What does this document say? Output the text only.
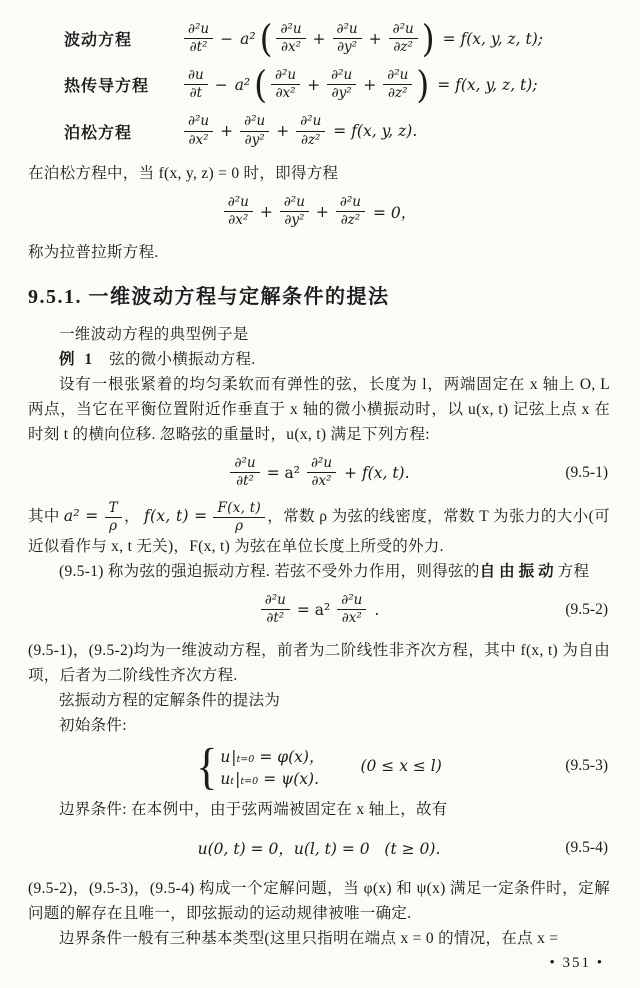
波动方程	$\frac{\text{∂²u}}{\text{∂t²}} - a^2$ ( $\frac{\text{∂²u}}{\text{∂x²}} + \frac{\text{∂²u}}{\text{∂y²}} + \frac{\text{∂²u}}{\text{∂z²}}$ ) = f(x, y, z, t);
热传导方程	$\frac{\partial u}{\partial t} - a^2$ ( $\frac{\text{∂²u}}{\text{∂x²}} + \frac{\text{∂²u}}{\text{∂y²}} + \frac{\text{∂²u}}{\text{∂z²}}$ ) = f(x, y, z, t);
泊松方程	$\frac{\text{∂²u}}{\text{∂x²}} + \frac{\text{∂²u}}{\text{∂y²}} + \frac{\text{∂²u}}{\text{∂z²}} = f(x$, y, z).

在泊松方程中，当 f(x, y, z) = 0 时，即得方程

$\frac{\text{∂²u}}{\text{∂x²}} + \frac{\text{∂²u}}{\text{∂y²}} + \frac{\text{∂²u}}{\text{∂z²}} = 0$，

称为拉普拉斯方程.

9.5.1. 一维波动方程与定解条件的提法

一维波动方程的典型例子是

例 1 弦的微小横振动方程.

设有一根张紧着的均匀柔软而有弹性的弦，长度为 l，两端固定在 x 轴上 O, L 两点，当它在平衡位置附近作垂直于 x 轴的微小横振动时，以 u(x, t) 记弦上点 x 在时刻 t 的横向位移. 忽略弦的重量时，u(x, t) 满足下列方程:

$\frac{\text{∂²u}}{\text{∂t²}} = a^2 \frac{\text{∂²u}}{\text{∂x²}} + f(x$, t).	(9.5-1)

其中 $a^2 = \frac{T}{\rho}$ ， f(x, $t) = \frac{F(x, t)}{\rho}$ ，常数 ρ 为弦的线密度，常数 T 为张力的大小(可近似看作与 x, t 无关)，F(x, t) 为弦在单位长度上所受的外力.

(9.5-1) 称为弦的强迫振动方程. 若弦不受外力作用，则得弦的自由振动方程

$\frac{\text{∂²u}}{\text{∂t²}} = a^2 \frac{\text{∂²u}}{\text{∂x²}}$ .	(9.5-2)

(9.5-1)，(9.5-2)均为一维波动方程，前者为二阶线性非齐次方程，其中 f(x, t) 为自由项，后者为二阶线性齐次方程.

弦振动方程的定解条件的提法为

初始条件:

{ u | t=0 = φ(x)，
u t | t=0 = ψ(x).
(0 ≤ x ≤ l)	(9.5-3)

边界条件: 在本例中，由于弦两端被固定在 x 轴上，故有

u(0, t) = 0，u(l, t) = 0   (t ≥ 0).	(9.5-4)

(9.5-2)，(9.5-3)，(9.5-4) 构成一个定解问题，当 φ(x) 和 ψ(x) 满足一定条件时，定解问题的解存在且唯一，即弦振动的运动规律被唯一确定.

边界条件一般有三种基本类型(这里只指明在端点 x = 0 的情况，在点 x =

• 351 •
